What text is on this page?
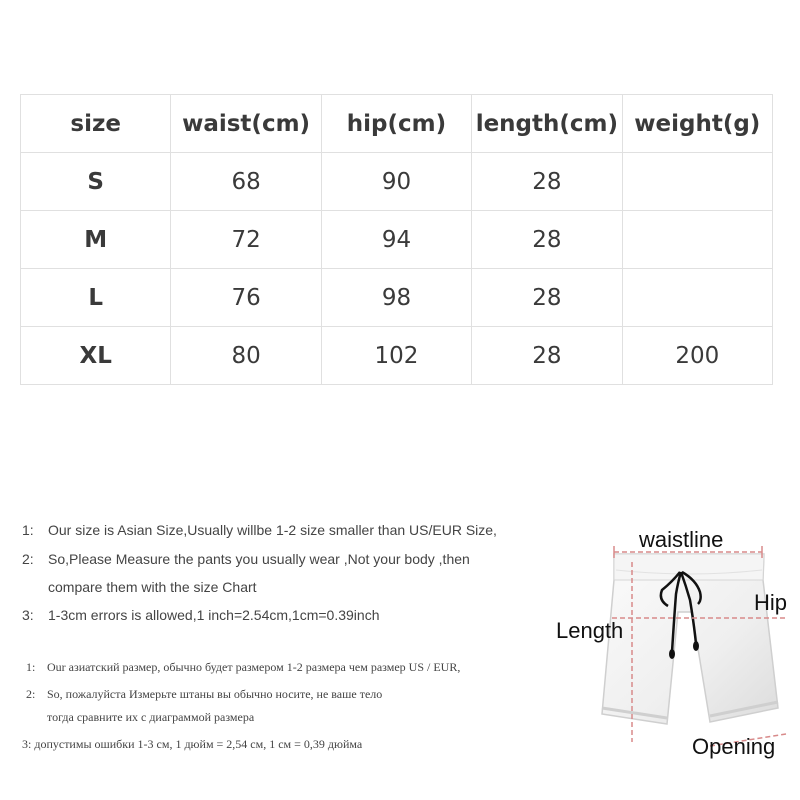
size	waist(cm)	hip(cm)	length(cm)	weight(g)
S	68	90	28	
M	72	94	28	
L	76	98	28	
XL	80	102	28	200
1: Our size is Asian Size,Usually willbe 1-2 size smaller than US/EUR Size,
2: So,Please Measure the pants you usually wear ,Not your body ,then
compare them with the size Chart
3: 1-3cm errors is allowed,1 inch=2.54cm,1cm=0.39inch
1: Our азиатский размер, обычно будет размером 1-2 размера чем размер US / EUR,
2: So, пожалуйста Измерьте штаны вы обычно носите, не ваше тело
тогда сравните их с диаграммой размера
3: допустимы ошибки 1-3 см, 1 дюйм = 2,54 см, 1 см = 0,39 дюйма
waistline
Hip
Length
Opening
